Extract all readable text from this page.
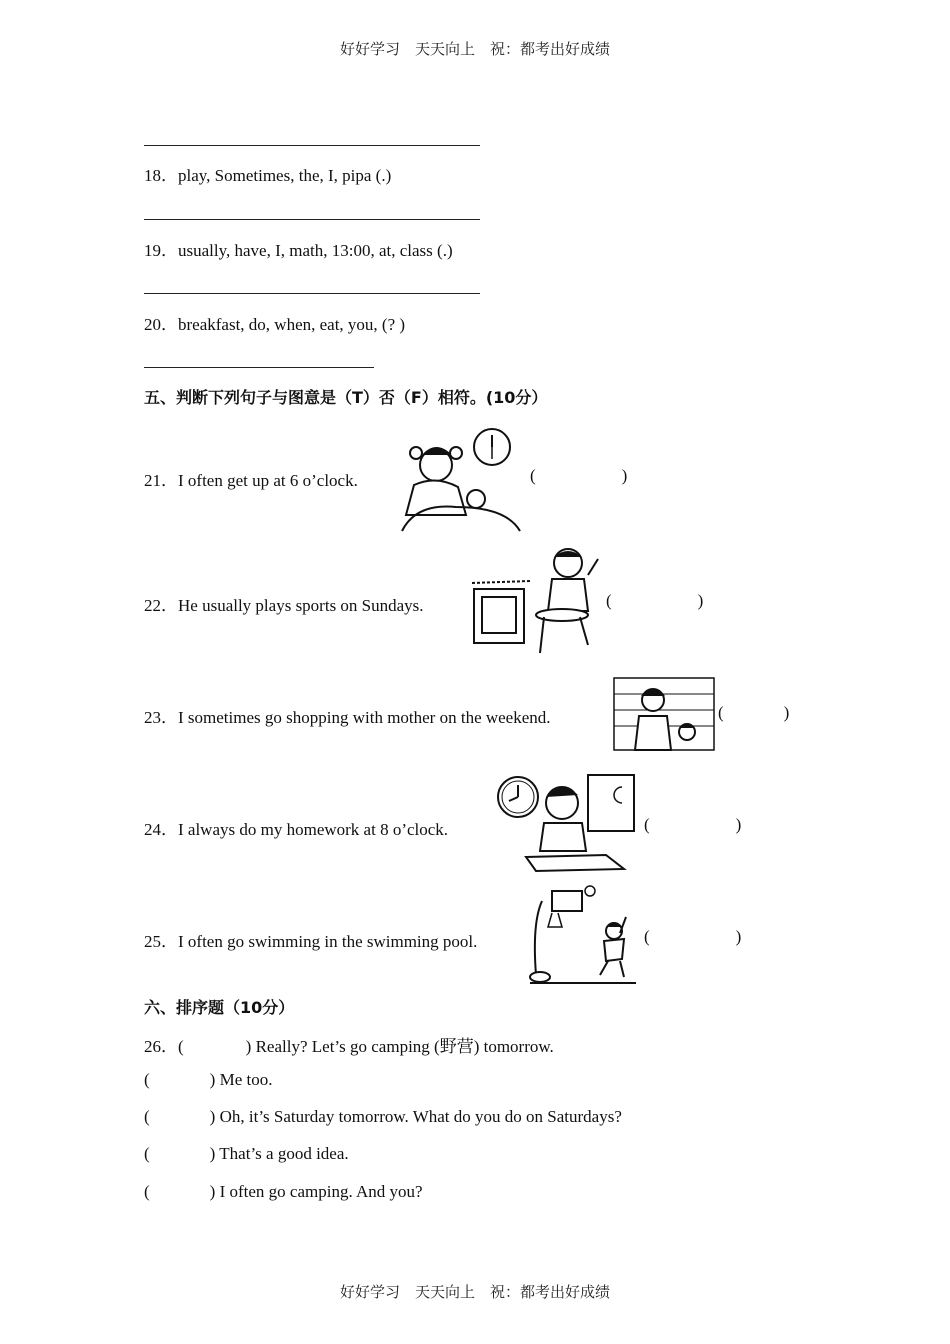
好好学习　天天向上　祝：都考出好成绩
18．play, Sometimes, the, I, pipa (.)
19．usually, have, I, math, 13:00, at, class (.)
20．breakfast, do, when, eat, you, (? )
五、判断下列句子与图意是（T）否（F）相符。(10分）
21．I often get up at 6 o’clock.	(	)
22．He usually plays sports on Sundays.	(	)
23．I sometimes go shopping with mother on the weekend.	(	)
24．I always do my homework at 8 o’clock.	(	)
25．I often go swimming in the swimming pool.	(	)
六、排序题（10分）
26．(	) Really? Let’s go camping (野营) tomorrow.
(	) Me too.
(	) Oh, it’s Saturday tomorrow. What do you do on Saturdays?
(	) That’s a good idea.
(	) I often go camping. And you?
好好学习　天天向上　祝：都考出好成绩
